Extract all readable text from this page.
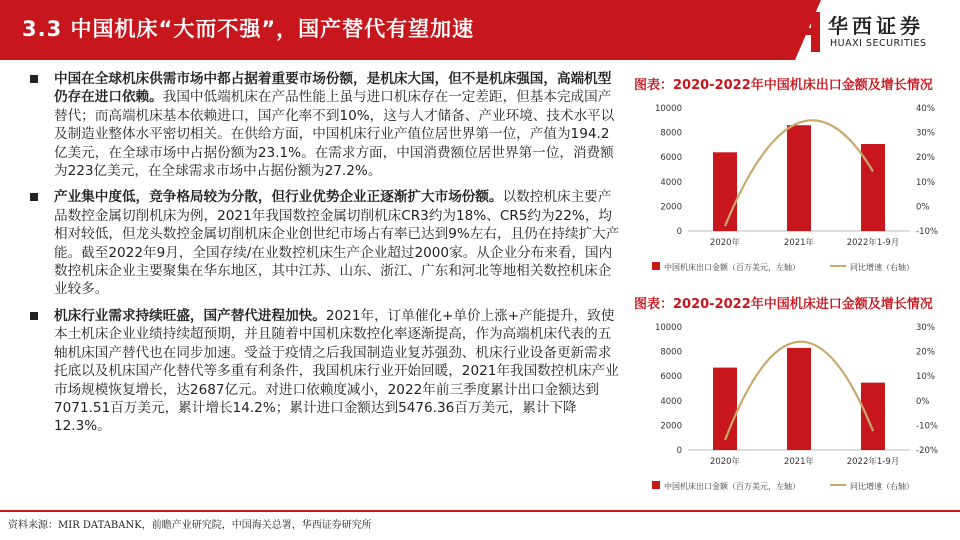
3.3 中国机床“大而不强”，国产替代有望加速	华西证券
HUAXI SECURITIES
中国在全球机床供需市场中都占据着重要市场份额，是机床大国，但不是机床强国，高端机型仍存在进口依赖。我国中低端机床在产品性能上虽与进口机床存在一定差距，但基本完成国产替代；而高端机床基本依赖进口，国产化率不到10%，这与人才储备、产业环境、技术水平以及制造业整体水平密切相关。在供给方面，中国机床行业产值位居世界第一位，产值为194.2亿美元，在全球市场中占据份额为23.1%。在需求方面，中国消费额位居世界第一位，消费额为223亿美元，在全球需求市场中占据份额为27.2%。
产业集中度低，竞争格局较为分散，但行业优势企业正逐渐扩大市场份额。以数控机床主要产品数控金属切削机床为例，2021年我国数控金属切削机床CR3约为18%、CR5约为22%，均相对较低，但龙头数控金属切削机床企业创世纪市场占有率已达到9%左右，且仍在持续扩大产能。截至2022年9月，全国存续/在业数控机床生产企业超过2000家。从企业分布来看，国内数控机床企业主要聚集在华东地区，其中江苏、山东、浙江、广东和河北等地相关数控机床企业较多。
机床行业需求持续旺盛，国产替代进程加快。2021年，订单催化+单价上涨+产能提升，致使本土机床企业业绩持续超预期，并且随着中国机床数控化率逐渐提高，作为高端机床代表的五轴机床国产替代也在同步加速。受益于疫情之后我国制造业复苏强劲、机床行业设备更新需求托底以及机床国产化替代等多重有利条件，我国机床行业开始回暖，2021年我国数控机床产业市场规模恢复增长，达2687亿元。对进口依赖度减小，2022年前三季度累计出口金额达到7071.51百万美元，累计增长14.2%；累计进口金额达到5476.36百万美元，累计下降12.3%。
图表：2020-2022年中国机床出口金额及增长情况
0
2000
4000
6000
8000
10000
-10%
0%
10%
20%
30%
40%
2020年	2021年	2022年1-9月
中国机床出口金额（百万美元，左轴）	同比增速（右轴）
图表：2020-2022年中国机床进口金额及增长情况
0
2000
4000
6000
8000
10000
-20%
-10%
0%
10%
20%
30%
2020年	2021年	2022年1-9月
中国机床出口金额（百万美元，左轴）	同比增速（右轴）
资料来源：MIR DATABANK，前瞻产业研究院，中国海关总署，华西证券研究所
